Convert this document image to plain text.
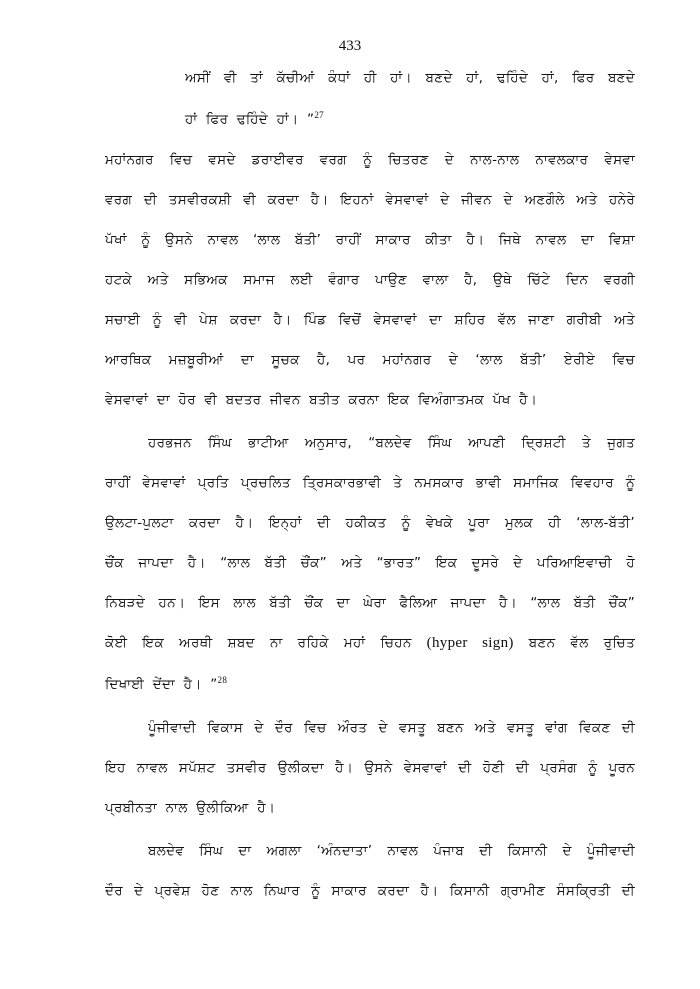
433
ਅਸੀਂ ਵੀ ਤਾਂ ਕੱਚੀਆਂ ਕੰਧਾਂ ਹੀ ਹਾਂ। ਬਣਦੇ ਹਾਂ, ਢਹਿੰਦੇ ਹਾਂ, ਫਿਰ ਬਣਦੇ
ਹਾਂ ਫਿਰ ਢਹਿੰਦੇ ਹਾਂ। ”$^{27}$
ਮਹਾਂਨਗਰ ਵਿਚ ਵਸਦੇ ਡਰਾਈਵਰ ਵਰਗ ਨੂੰ ਚਿਤਰਣ ਦੇ ਨਾਲ-ਨਾਲ ਨਾਵਲਕਾਰ ਵੇਸਵਾ
ਵਰਗ ਦੀ ਤਸਵੀਰਕਸ਼ੀ ਵੀ ਕਰਦਾ ਹੈ। ਇਹਨਾਂ ਵੇਸਵਾਵਾਂ ਦੇ ਜੀਵਨ ਦੇ ਅਣਗੌਲੇ ਅਤੇ ਹਨੇਰੇ
ਪੱਖਾਂ ਨੂੰ ਉਸਨੇ ਨਾਵਲ ‘ਲਾਲ ਬੱਤੀ’ ਰਾਹੀਂ ਸਾਕਾਰ ਕੀਤਾ ਹੈ। ਜਿਥੇ ਨਾਵਲ ਦਾ ਵਿਸ਼ਾ
ਹਟਕੇ ਅਤੇ ਸਭਿਅਕ ਸਮਾਜ ਲਈ ਵੰਗਾਰ ਪਾਉਣ ਵਾਲਾ ਹੈ, ਉਥੇ ਚਿੱਟੇ ਦਿਨ ਵਰਗੀ
ਸਚਾਈ ਨੂੰ ਵੀ ਪੇਸ਼ ਕਰਦਾ ਹੈ। ਪਿੰਡ ਵਿਚੋਂ ਵੇਸਵਾਵਾਂ ਦਾ ਸ਼ਹਿਰ ਵੱਲ ਜਾਣਾ ਗਰੀਬੀ ਅਤੇ
ਆਰਥਿਕ ਮਜ਼ਬੂਰੀਆਂ ਦਾ ਸੂਚਕ ਹੈ, ਪਰ ਮਹਾਂਨਗਰ ਦੇ ‘ਲਾਲ ਬੱਤੀ’ ਏਰੀਏ ਵਿਚ
ਵੇਸਵਾਵਾਂ ਦਾ ਹੋਰ ਵੀ ਬਦਤਰ ਜੀਵਨ ਬਤੀਤ ਕਰਨਾ ਇਕ ਵਿਅੰਗਾਤਮਕ ਪੱਖ ਹੈ।
ਹਰਭਜਨ ਸਿੰਘ ਭਾਟੀਆ ਅਨੁਸਾਰ, “ਬਲਦੇਵ ਸਿੰਘ ਆਪਣੀ ਦ੍ਰਿਸ਼ਟੀ ਤੇ ਜੁਗਤ
ਰਾਹੀਂ ਵੇਸਵਾਵਾਂ ਪ੍ਰਤਿ ਪ੍ਰਚਲਿਤ ਤ੍ਰਿਸਕਾਰਭਾਵੀ ਤੇ ਨਮਸਕਾਰ ਭਾਵੀ ਸਮਾਜਿਕ ਵਿਵਹਾਰ ਨੂੰ
ਉਲਟਾ-ਪੁਲਟਾ ਕਰਦਾ ਹੈ। ਇਨ੍ਹਾਂ ਦੀ ਹਕੀਕਤ ਨੂੰ ਵੇਖਕੇ ਪੂਰਾ ਮੁਲਕ ਹੀ ‘ਲਾਲ-ਬੱਤੀ’
ਚੌਂਕ ਜਾਪਦਾ ਹੈ। “ਲਾਲ ਬੱਤੀ ਚੌਂਕ” ਅਤੇ “ਭਾਰਤ” ਇਕ ਦੂਸਰੇ ਦੇ ਪਰਿਆਇਵਾਚੀ ਹੋ
ਨਿਬੜਦੇ ਹਨ। ਇਸ ਲਾਲ ਬੱਤੀ ਚੌਂਕ ਦਾ ਘੇਰਾ ਫੈਲਿਆ ਜਾਪਦਾ ਹੈ। “ਲਾਲ ਬੱਤੀ ਚੌਂਕ”
ਕੋਈ ਇਕ ਅਰਥੀ ਸ਼ਬਦ ਨਾ ਰਹਿਕੇ ਮਹਾਂ ਚਿਹਨ (hyper sign) ਬਣਨ ਵੱਲ ਰੁਚਿਤ
ਦਿਖਾਈ ਦੇਂਦਾ ਹੈ। ”$^{28}$
ਪੂੰਜੀਵਾਦੀ ਵਿਕਾਸ ਦੇ ਦੌਰ ਵਿਚ ਔਰਤ ਦੇ ਵਸਤੂ ਬਣਨ ਅਤੇ ਵਸਤੂ ਵਾਂਗ ਵਿਕਣ ਦੀ
ਇਹ ਨਾਵਲ ਸਪੱਸ਼ਟ ਤਸਵੀਰ ਉਲੀਕਦਾ ਹੈ। ਉਸਨੇ ਵੇਸਵਾਵਾਂ ਦੀ ਹੋਣੀ ਦੀ ਪ੍ਰਸੰਗ ਨੂੰ ਪੂਰਨ
ਪ੍ਰਬੀਨਤਾ ਨਾਲ ਉਲੀਕਿਆ ਹੈ।
ਬਲਦੇਵ ਸਿੰਘ ਦਾ ਅਗਲਾ ‘ਅੰਨਦਾਤਾ’ ਨਾਵਲ ਪੰਜਾਬ ਦੀ ਕਿਸਾਨੀ ਦੇ ਪੂੰਜੀਵਾਦੀ
ਦੌਰ ਦੇ ਪ੍ਰਵੇਸ਼ ਹੋਣ ਨਾਲ ਨਿਘਾਰ ਨੂੰ ਸਾਕਾਰ ਕਰਦਾ ਹੈ। ਕਿਸਾਨੀ ਗ੍ਰਾਮੀਣ ਸੰਸਕ੍ਰਿਤੀ ਦੀ
